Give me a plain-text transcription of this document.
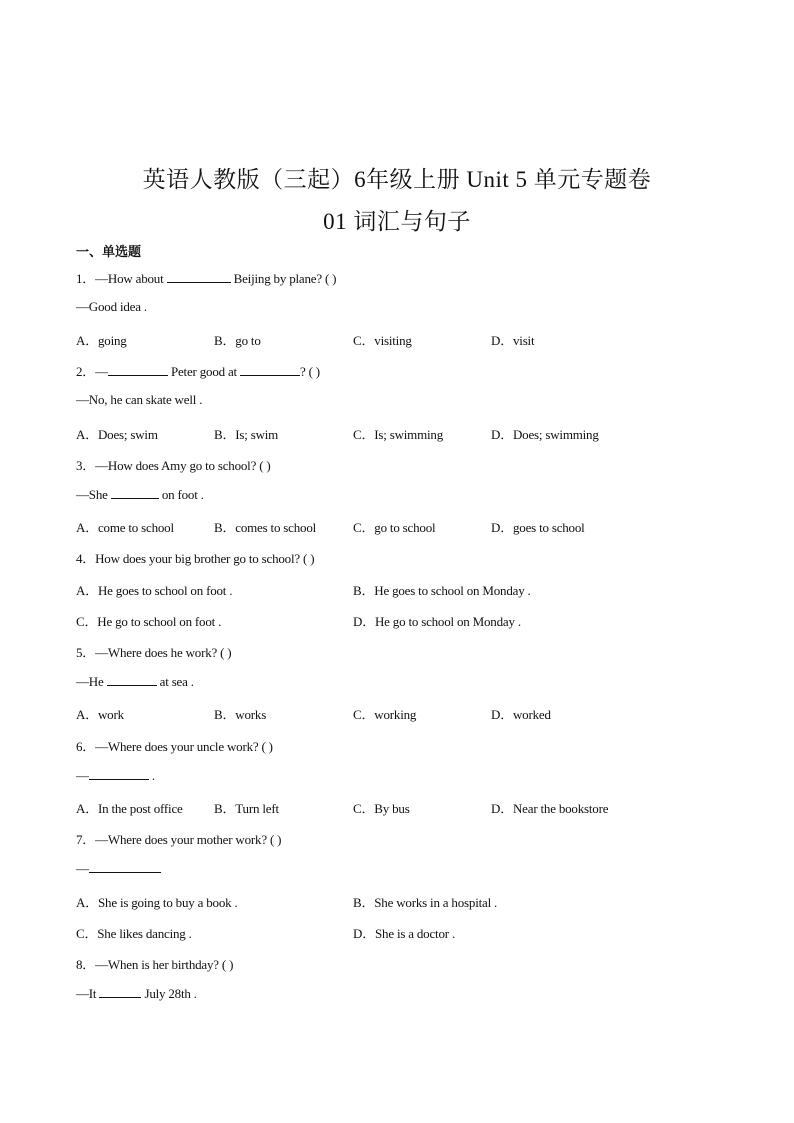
英语人教版（三起）6年级上册 Unit 5 单元专题卷
01 词汇与句子
一、单选题
1．—How about	Beijing by plane? ( )
—Good idea .
A．going	B．go to	C．visiting	D．visit
2．—	Peter good at	? ( )
—No, he can skate well .
A．Does; swim	B．Is; swim	C．Is; swimming	D．Does; swimming
3．—How does Amy go to school? ( )
—She	on foot .
A．come to school	B．comes to school	C．go to school	D．goes to school
4．How does your big brother go to school? ( )
A．He goes to school on foot .	B．He goes to school on Monday .
C．He go to school on foot .	D．He go to school on Monday .
5．—Where does he work? ( )
—He	at sea .
A．work	B．works	C．working	D．worked
6．—Where does your uncle work? ( )
—	.
A．In the post office B．Turn left	C．By bus	D．Near the bookstore
7．—Where does your mother work? ( )
—
A．She is going to buy a book .	B．She works in a hospital .
C．She likes dancing .	D．She is a doctor .
8．—When is her birthday? ( )
—It	July 28th .
